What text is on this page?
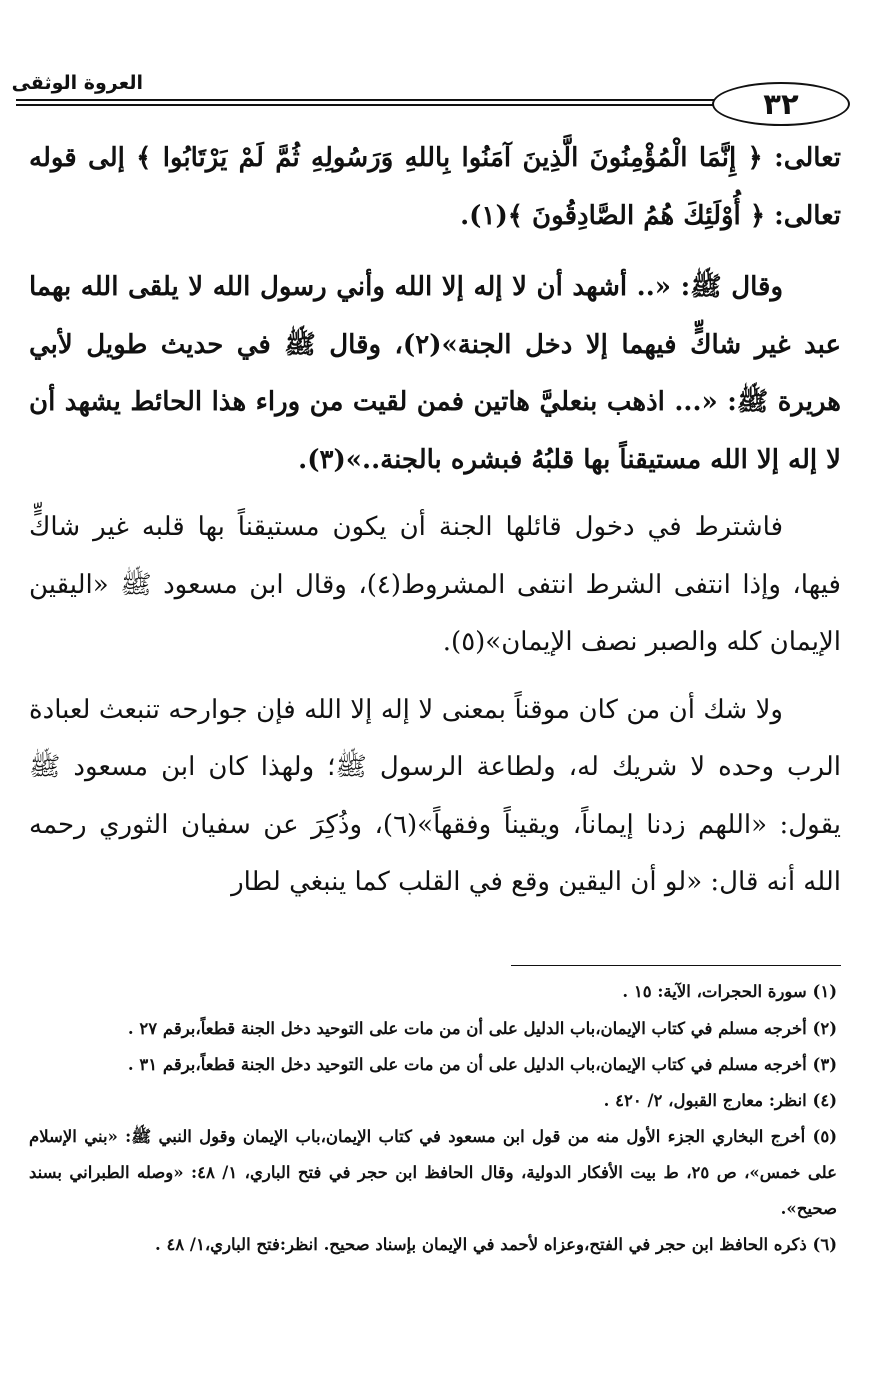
العروة الوثقى
٣٢

تعالى: ﴿ إِنَّمَا الْمُؤْمِنُونَ الَّذِينَ آمَنُوا بِاللهِ وَرَسُولِهِ ثُمَّ لَمْ يَرْتَابُوا ﴾ إلى قوله تعالى: ﴿ أُوْلَئِكَ هُمُ الصَّادِقُونَ ﴾(١).

وقال ﷺ: «.. أشهد أن لا إله إلا الله وأني رسول الله لا يلقى الله بهما عبد غير شاكٍّ فيهما إلا دخل الجنة»(٢)، وقال ﷺ في حديث طويل لأبي هريرة ﷺ: «... اذهب بنعليَّ هاتين فمن لقيت من وراء هذا الحائط يشهد أن لا إله إلا الله مستيقناً بها قلبُهُ فبشره بالجنة..»(٣).

فاشترط في دخول قائلها الجنة أن يكون مستيقناً بها قلبه غير شاكٍّ فيها، وإذا انتفى الشرط انتفى المشروط(٤)، وقال ابن مسعود ﷺ «اليقين الإيمان كله والصبر نصف الإيمان»(٥).

ولا شك أن من كان موقناً بمعنى لا إله إلا الله فإن جوارحه تنبعث لعبادة الرب وحده لا شريك له، ولطاعة الرسول ﷺ؛ ولهذا كان ابن مسعود ﷺ يقول: «اللهم زدنا إيماناً، ويقيناً وفقهاً»(٦)، وذُكِرَ عن سفيان الثوري رحمه الله أنه قال: «لو أن اليقين وقع في القلب كما ينبغي لطار

(١) سورة الحجرات، الآية: ١٥ .

(٢) أخرجه مسلم في كتاب الإيمان،باب الدليل على أن من مات على التوحيد دخل الجنة قطعاً،برقم ٢٧ .

(٣) أخرجه مسلم في كتاب الإيمان،باب الدليل على أن من مات على التوحيد دخل الجنة قطعاً،برقم ٣١ .

(٤) انظر: معارج القبول، ٢/ ٤٢٠ .

(٥) أخرج البخاري الجزء الأول منه من قول ابن مسعود في كتاب الإيمان،باب الإيمان وقول النبي ﷺ: «بني الإسلام على خمس»، ص ٢٥، ط بيت الأفكار الدولية، وقال الحافظ ابن حجر في فتح الباري، ١/ ٤٨: «وصله الطبراني بسند صحيح».

(٦) ذكره الحافظ ابن حجر في الفتح،وعزاه لأحمد في الإيمان بإسناد صحيح. انظر:فتح الباري،١/ ٤٨ .
